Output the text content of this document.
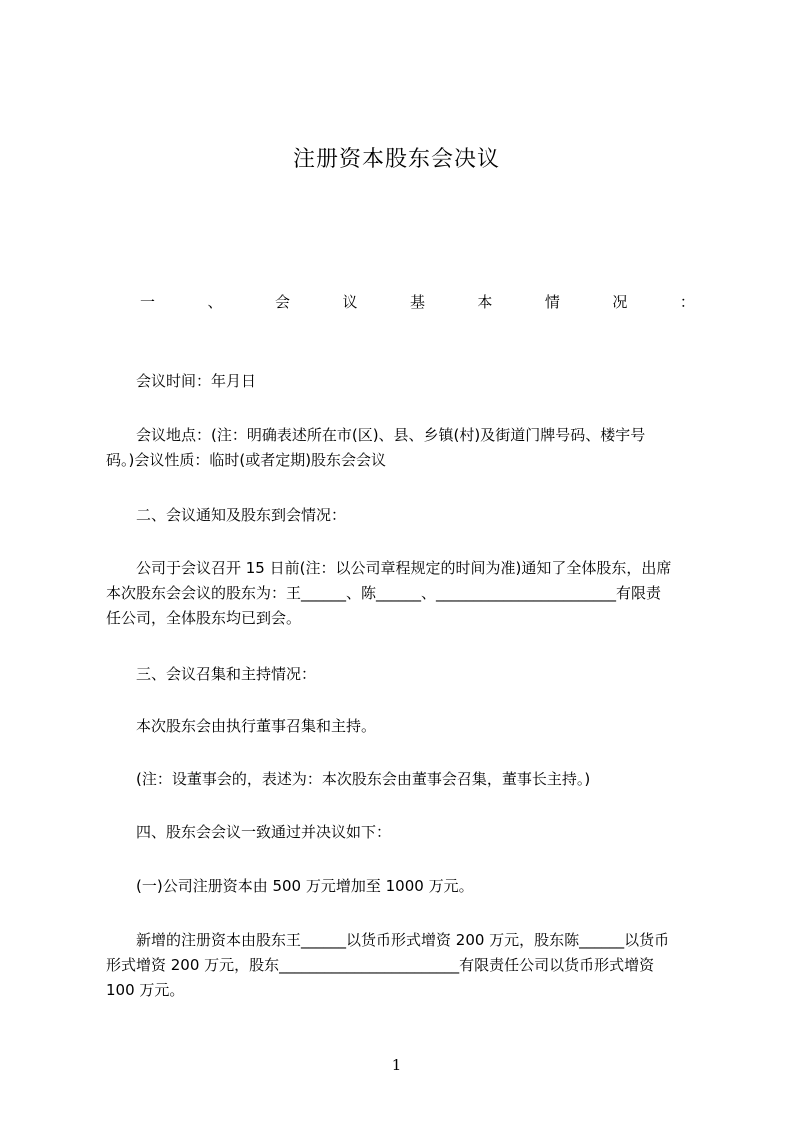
注册资本股东会决议
一	、	会	议	基	本	情	况	：
会议时间：年月日
会议地点：(注：明确表述所在市(区)、县、乡镇(村)及街道门牌号码、楼宇号
码。)会议性质：临时(或者定期)股东会会议
二、会议通知及股东到会情况：
公司于会议召开 15 日前(注：以公司章程规定的时间为准)通知了全体股东，出席
本次股东会会议的股东为：王______、陈______、________________________有限责
任公司，全体股东均已到会。
三、会议召集和主持情况：
本次股东会由执行董事召集和主持。
(注：设董事会的，表述为：本次股东会由董事会召集，董事长主持。)
四、股东会会议一致通过并决议如下：
(一)公司注册资本由 500 万元增加至 1000 万元。
新增的注册资本由股东王______以货币形式增资 200 万元，股东陈______以货币
形式增资 200 万元，股东________________________有限责任公司以货币形式增资
100 万元。
1
